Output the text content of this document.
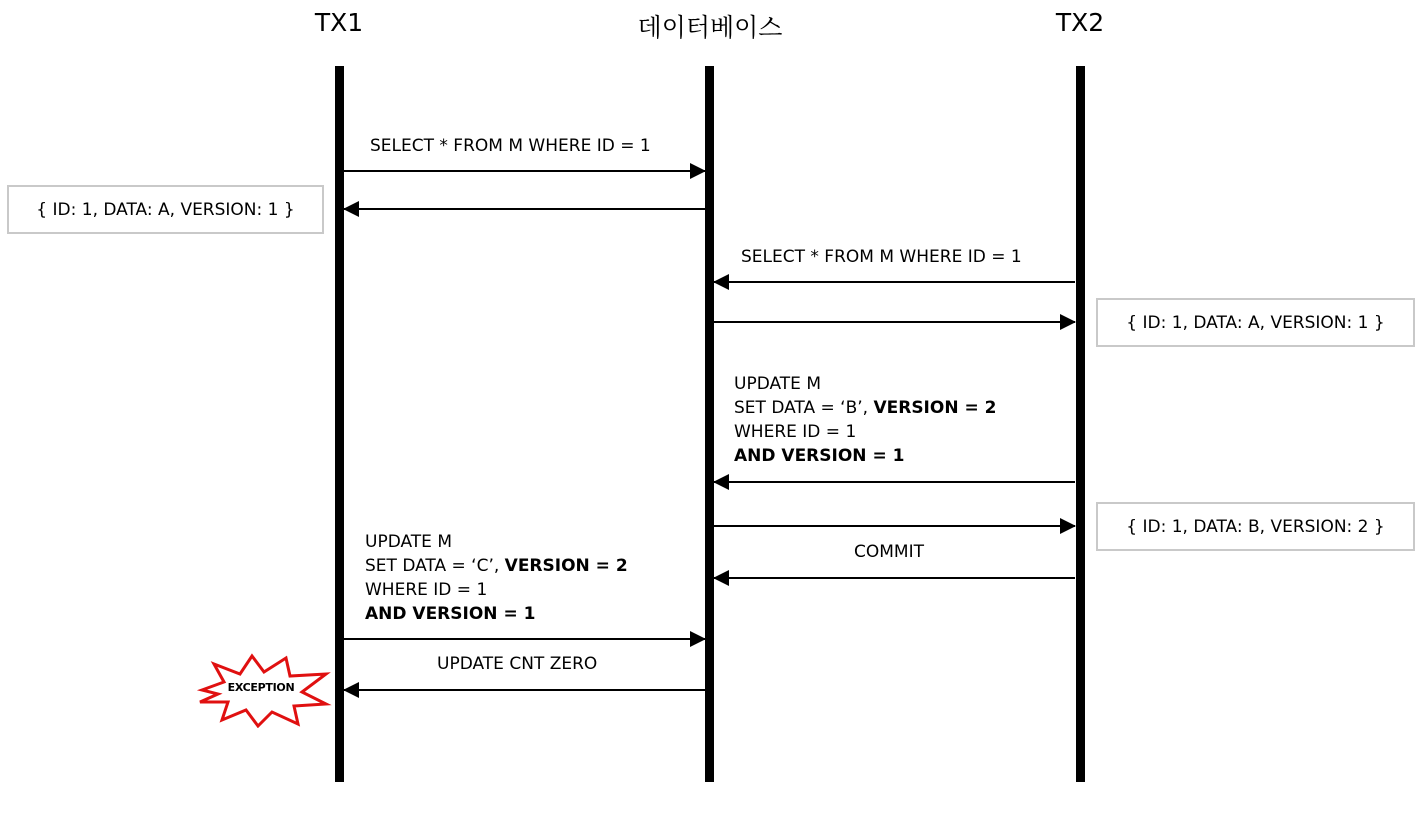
TX1	데이터베이스	TX2
SELECT * FROM M WHERE ID = 1
{ ID: 1, DATA: A, VERSION: 1 }
SELECT * FROM M WHERE ID = 1
{ ID: 1, DATA: A, VERSION: 1 }
UPDATE M
SET DATA = ‘B’, VERSION = 2
WHERE ID = 1
AND VERSION = 1
{ ID: 1, DATA: B, VERSION: 2 }
COMMIT
UPDATE M
SET DATA = ‘C’, VERSION = 2
WHERE ID = 1
AND VERSION = 1
UPDATE CNT ZERO
EXCEPTION
